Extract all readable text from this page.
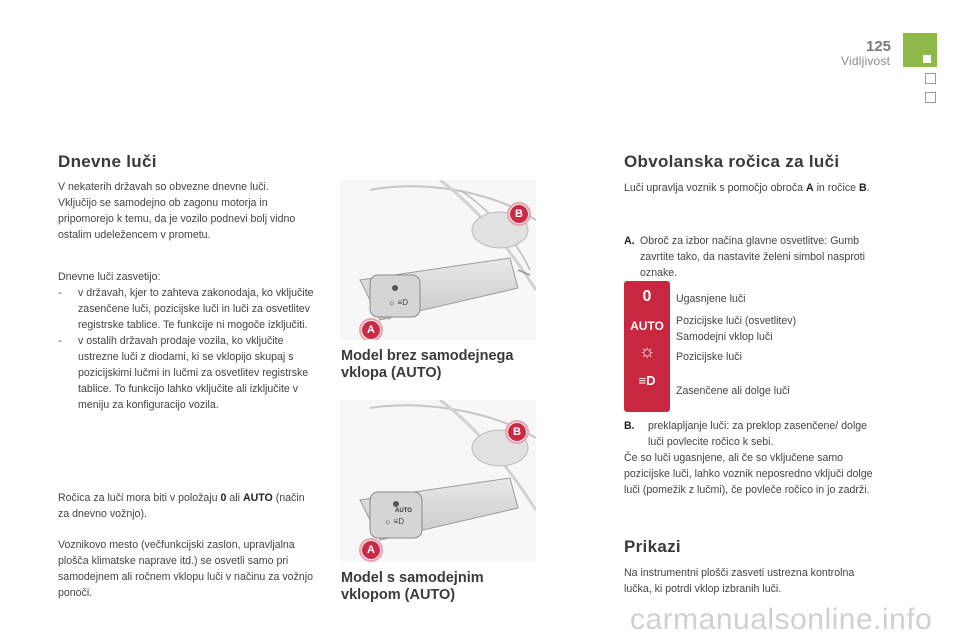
125
Vidljivost
Dnevne luči
V nekaterih državah so obvezne dnevne luči. Vključijo se samodejno ob zagonu motorja in pripomorejo k temu, da je vozilo podnevi bolj vidno ostalim udeležencem v prometu.
Dnevne luči zasvetijo:
- v državah, kjer to zahteva zakonodaja, ko vključite zasenčene luči, pozicijske luči in luči za osvetlitev registrske tablice. Te funkcije ni mogoče izključiti.
- v ostalih državah prodaje vozila, ko vključite ustrezne luči z diodami, ki se vklopijo skupaj s pozicijskimi lučmi in lučmi za osvetlitev registrske tablice. To funkcijo lahko vključite ali izključite v meniju za konfiguracijo vozila.
Ročica za luči mora biti v položaju 0 ali AUTO (način za dnevno vožnjo).
Voznikovo mesto (večfunkcijski zaslon, upravljalna plošča klimatske naprave itd.) se osvetli samo pri samodejnem ali ročnem vklopu luči v načinu za vožnjo ponoči.
☼ ≡D
B
A
Model brez samodejnega vklopa (AUTO)
☼ ≡D
AUTO
B
A
Model s samodejnim vklopom (AUTO)
Obvolanska ročica za luči
Luči upravlja voznik s pomočjo obroča A in ročice B.
A. Obroč za izbor načina glavne osvetlitve: Gumb zavrtite tako, da nastavite želeni simbol nasproti oznake.
0
AUTO
☼
≡D
Ugasnjene luči
Pozicijske luči (osvetlitev) Samodejni vklop luči
Pozicijske luči
Zasenčene ali dolge luči
B. preklapljanje luči: za preklop zasenčene/ dolge luči povlecite ročico k sebi.
Če so luči ugasnjene, ali če so vključene samo pozicijske luči, lahko voznik neposredno vključi dolge luči (pomežik z lučmi), če povleče ročico in jo zadrži.
Prikazi
Na instrumentni plošči zasveti ustrezna kontrolna lučka, ki potrdi vklop izbranih luči.
carmanualsonline.info
